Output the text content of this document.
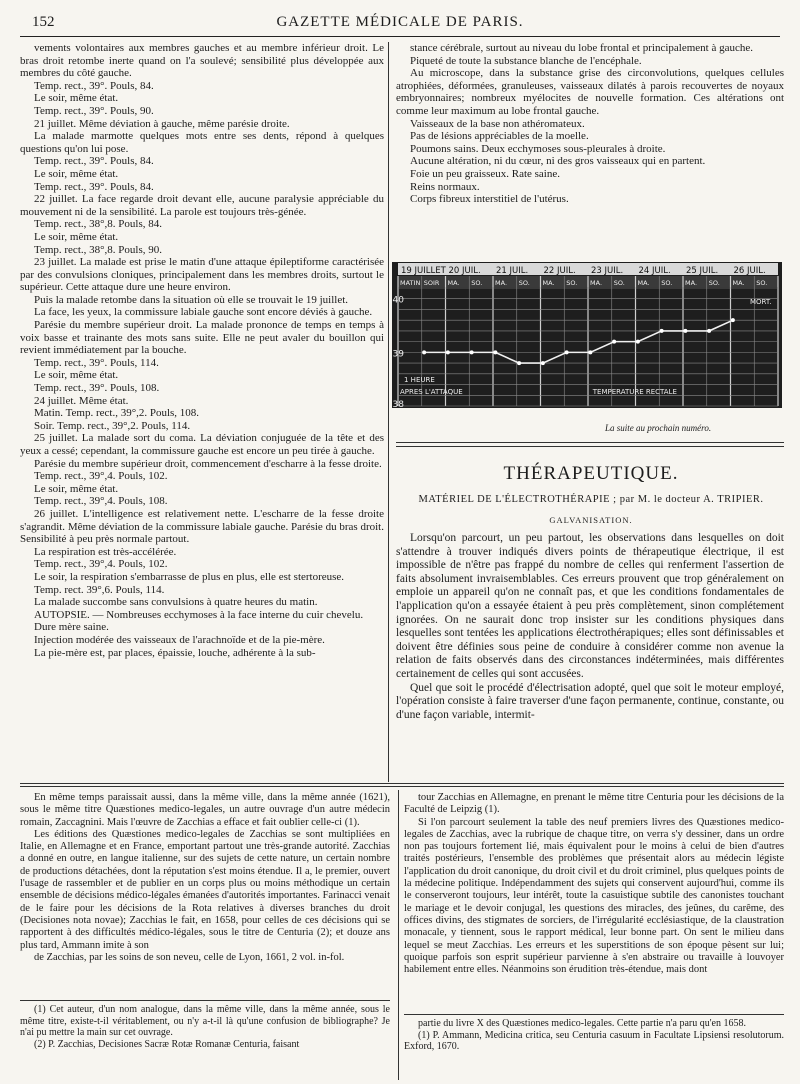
152	GAZETTE MÉDICALE DE PARIS.

vements volontaires aux membres gauches et au membre inférieur droit. Le bras droit retombe inerte quand on l'a soulevé; sensibilité plus développée aux membres du côté gauche.

Temp. rect., 39°. Pouls, 84.

Le soir, même état.

Temp. rect., 39°. Pouls, 90.

21 juillet. Même déviation à gauche, même parésie droite.

La malade marmotte quelques mots entre ses dents, répond à quelques questions qu'on lui pose.

Temp. rect., 39°. Pouls, 84.

Le soir, même état.

Temp. rect., 39°. Pouls, 84.

22 juillet. La face regarde droit devant elle, aucune paralysie appréciable du mouvement ni de la sensibilité. La parole est toujours très-génée.

Temp. rect., 38°,8. Pouls, 84.

Le soir, même état.

Temp. rect., 38°,8. Pouls, 90.

23 juillet. La malade est prise le matin d'une attaque épileptiforme caractérisée par des convulsions cloniques, principalement dans les membres droits, surtout le supérieur. Cette attaque dure une heure environ.

Puis la malade retombe dans la situation où elle se trouvait le 19 juillet.

La face, les yeux, la commissure labiale gauche sont encore déviés à gauche.

Parésie du membre supérieur droit. La malade prononce de temps en temps à voix basse et trainante des mots sans suite. Elle ne peut avaler du bouillon qui revient immédiatement par la bouche.

Temp. rect., 39°. Pouls, 114.

Le soir, même état.

Temp. rect., 39°. Pouls, 108.

24 juillet. Même état.

Matin. Temp. rect., 39°,2. Pouls, 108.

Soir. Temp. rect., 39°,2. Pouls, 114.

25 juillet. La malade sort du coma. La déviation conjuguée de la tête et des yeux a cessé; cependant, la commissure gauche est encore un peu tirée à gauche.

Parésie du membre supérieur droit, commencement d'escharre à la fesse droite.

Temp. rect., 39°,4. Pouls, 102.

Le soir, même état.

Temp. rect., 39°,4. Pouls, 108.

26 juillet. L'intelligence est relativement nette. L'escharre de la fesse droite s'agrandit. Même déviation de la commissure labiale gauche. Parésie du bras droit. Sensibilité à peu près normale partout.

La respiration est très-accélérée.

Temp. rect., 39°,4. Pouls, 102.

Le soir, la respiration s'embarrasse de plus en plus, elle est stertoreuse.

Temp. rect. 39°,6. Pouls, 114.

La malade succombe sans convulsions à quatre heures du matin.

AUTOPSIE. — Nombreuses ecchymoses à la face interne du cuir chevelu.

Dure mère saine.

Injection modérée des vaisseaux de l'arachnoïde et de la pie-mère.

La pie-mère est, par places, épaissie, louche, adhérente à la sub-

stance cérébrale, surtout au niveau du lobe frontal et principalement à gauche.

Piqueté de toute la substance blanche de l'encéphale.

Au microscope, dans la substance grise des circonvolutions, quelques cellules atrophiées, déformées, granuleuses, vaisseaux dilatés à parois recouvertes de noyaux embryonnaires; nombreux myélocites de nouvelle formation. Ces altérations ont comme leur maximum au lobe frontal gauche.

Vaisseaux de la base non athéromateux.

Pas de lésions appréciables de la moelle.

Poumons sains. Deux ecchymoses sous-pleurales à droite.

Aucune altération, ni du cœur, ni des gros vaisseaux qui en partent.

Foie un peu graisseux. Rate saine.

Reins normaux.

Corps fibreux interstitiel de l'utérus.

19 JUILLET 20 JUIL. 21 JUIL. 22 JUIL. 23 JUIL. 24 JUIL. 25 JUIL. 26 JUIL.
MATIN SOIR MA. SO. MA. SO. MA. SO. MA. SO. MA. SO. MA. SO. MA. SO.
40
39
38
MORT.
1 HEURE
APRES L'ATTAQUE	TEMPERATURE RECTALE
La suite au prochain numéro.
THÉRAPEUTIQUE.
MATÉRIEL DE L'ÉLECTROTHÉRAPIE ; par M. le docteur A. TRIPIER.
GALVANISATION.

Lorsqu'on parcourt, un peu partout, les observations dans lesquelles on doit s'attendre à trouver indiqués divers points de thérapeutique électrique, il est impossible de n'être pas frappé du nombre de celles qui renferment l'assertion de faits absolument invraisemblables. Ces erreurs prouvent que trop généralement on emploie un appareil qu'on ne connaît pas, et que les conditions fondamentales de l'application qu'on a essayée étaient à peu près complètement, sinon complétement ignorées. On ne saurait donc trop insister sur les conditions physiques dans lesquelles sont tentées les applications électrothérapiques; elles sont définissables et doivent être définies sous peine de conduire à considérer comme non avenue la relation de faits observés dans des circonstances indéterminées, mais différentes certainement de celles qui sont accusées.

Quel que soit le procédé d'électrisation adopté, quel que soit le moteur employé, l'opération consiste à faire traverser d'une façon permanente, continue, constante, ou d'une façon variable, intermit-

En même temps paraissait aussi, dans la même ville, dans la même année (1621), sous le même titre Quæstiones medico-legales, un autre ouvrage d'un autre médecin romain, Zaccagnini. Mais l'œuvre de Zacchias a efface et fait oublier celle-ci (1).

Les éditions des Quæstiones medico-legales de Zacchias se sont multipliées en Italie, en Allemagne et en France, emportant partout une très-grande autorité. Zacchias a donné en outre, en langue italienne, sur des sujets de cette nature, un certain nombre de productions détachées, dont la réputation s'est moins étendue. Il a, le premier, ouvert l'usage de rassembler et de publier en un corps plus ou moins méthodique un certain ensemble de décisions médico-légales émanées d'autorités importantes. Farinacci venait de le faire pour les décisions de la Rota relatives à diverses branches du droit (Decisiones nota novae); Zacchias le fait, en 1658, pour celles de ces décisions qui se rapportent à des difficultés médico-légales, sous le titre de Centuria (2); et douze ans plus tard, Ammann imite à son

de Zacchias, par les soins de son neveu, celle de Lyon, 1661, 2 vol. in-fol.

(1) Cet auteur, d'un nom analogue, dans la même ville, dans la même année, sous le même titre, existe-t-il véritablement, ou n'y a-t-il là qu'une confusion de bibliographe? Je n'ai pu mettre la main sur cet ouvrage.

(2) P. Zacchias, Decisiones Sacræ Rotæ Romanæ Centuria, faisant

tour Zacchias en Allemagne, en prenant le même titre Centuria pour les décisions de la Faculté de Leipzig (1).

Si l'on parcourt seulement la table des neuf premiers livres des Quæstiones medico-legales de Zacchias, avec la rubrique de chaque titre, on verra s'y dessiner, dans un ordre non pas toujours fortement lié, mais équivalent pour le moins à celui de bien d'autres traités postérieurs, l'ensemble des problèmes que présentait alors au médecin légiste l'application du droit canonique, du droit civil et du droit criminel, plus quelques points de la médecine politique. Indépendamment des sujets qui conservent aujourd'hui, comme ils le conserveront toujours, leur intérêt, toute la casuistique subtile des canonistes touchant le mariage et le devoir conjugal, les questions des miracles, des jeûnes, du carême, des offices divins, des stigmates de sorciers, de l'irrégularité ecclésiastique, de la claustration monacale, y tiennent, sous le rapport médical, leur bonne part. On sent le milieu dans lequel se meut Zacchias. Les erreurs et les superstitions de son époque pèsent sur lui; quoique parfois son esprit supérieur parvienne à s'en abstraire ou travaille à louvoyer habilement entre elles. Néanmoins son érudition très-étendue, mais dont

partie du livre X des Quæstiones medico-legales. Cette partie n'a paru qu'en 1658.

(1) P. Ammann, Medicina critica, seu Centuria casuum in Facultate Lipsiensi resolutorum. Exford, 1670.
